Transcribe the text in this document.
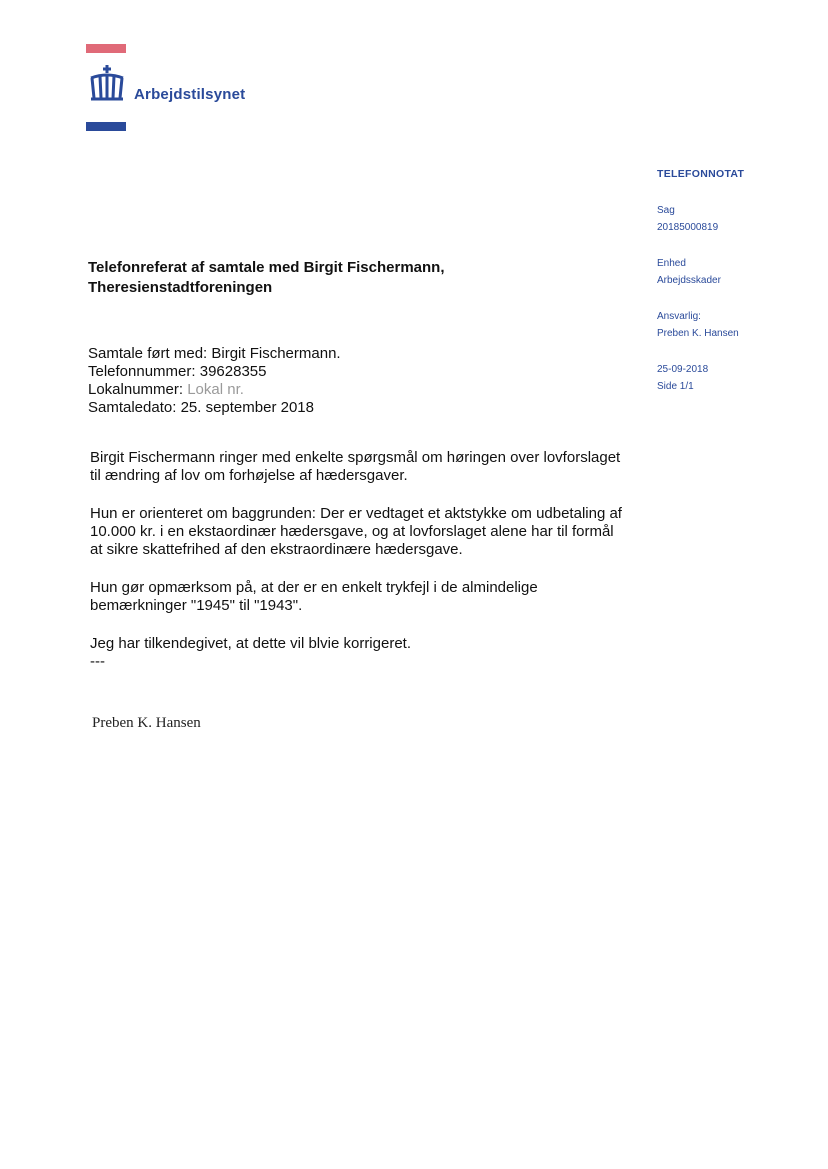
Arbejdstilsynet
TELEFONNOTAT
Sag
20185000819
Enhed
Arbejdsskader
Ansvarlig:
Preben K. Hansen
25-09-2018
Side 1/1
Telefonreferat af samtale med Birgit Fischermann,
Theresienstadtforeningen
Samtale ført med: Birgit Fischermann.
Telefonnummer: 39628355
Lokalnummer: Lokal nr.
Samtaledato: 25. september 2018

Birgit Fischermann ringer med enkelte spørgsmål om høringen over lovforslaget til ændring af lov om forhøjelse af hædersgaver.

Hun er orienteret om baggrunden: Der er vedtaget et aktstykke om udbetaling af 10.000 kr. i en ekstaordinær hædersgave, og at lovforslaget alene har til formål at sikre skattefrihed af den ekstraordinære hædersgave.

Hun gør opmærksom på, at der er en enkelt trykfejl i de almindelige bemærkninger "1945" til "1943".

Jeg har tilkendegivet, at dette vil blvie korrigeret.

---

Preben K. Hansen
